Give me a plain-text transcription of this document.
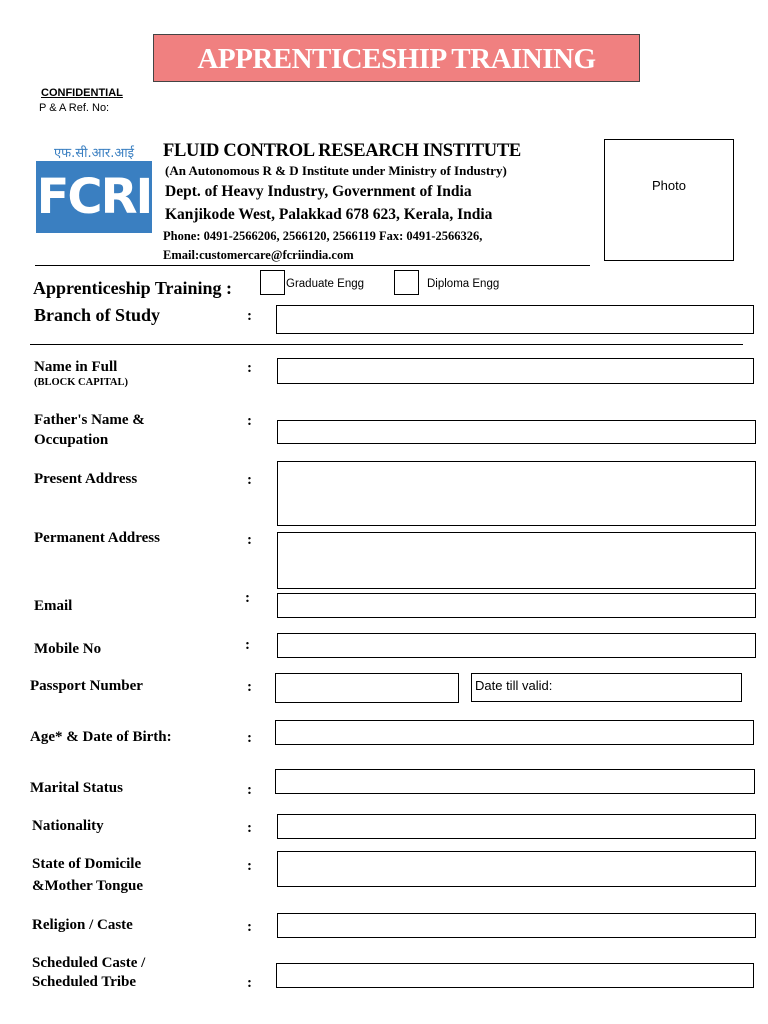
APPRENTICESHIP TRAINING
CONFIDENTIAL
P & A Ref. No:
एफ.सी.आर.आई
FCRI
FLUID CONTROL RESEARCH INSTITUTE
(An Autonomous R & D Institute under Ministry of Industry)
Dept. of Heavy Industry, Government of India
Kanjikode West, Palakkad 678 623, Kerala, India
Phone: 0491-2566206, 2566120, 2566119 Fax: 0491-2566326,
Email:customercare@fcriindia.com
Photo
Apprenticeship Training :	Graduate Engg	Diploma Engg
Branch of Study	:
Name in Full
(BLOCK CAPITAL)
:
Father's Name &
Occupation
:
Present Address	:
Permanent Address	:
Email	:
Mobile No	:
Passport Number	:	Date till valid:
Age* & Date of Birth:	:
Marital Status	:
Nationality	:
State of Domicile
&Mother Tongue
:
Religion / Caste	:
Scheduled Caste /
Scheduled Tribe	:
